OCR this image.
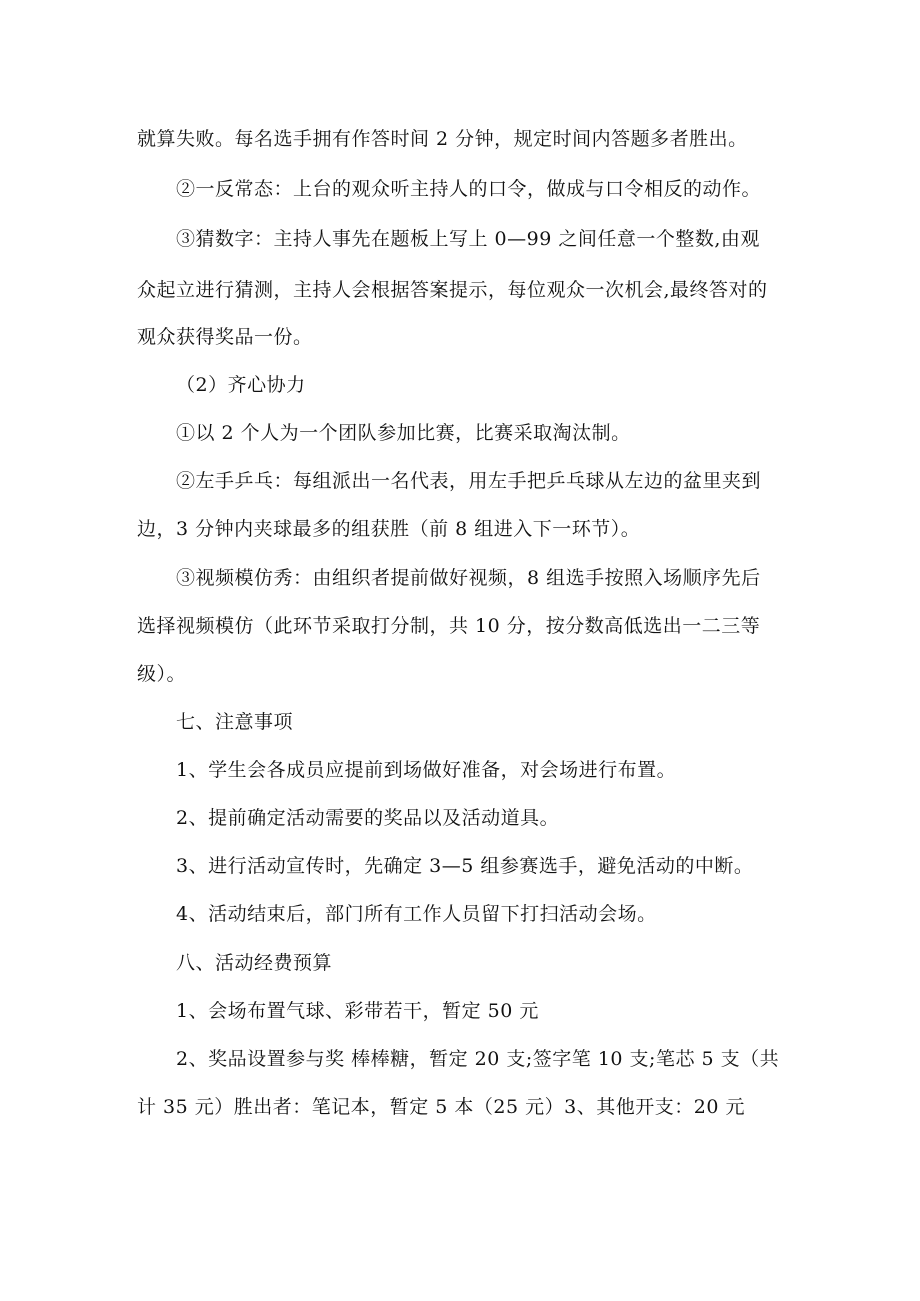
就算失败。每名选手拥有作答时间 2 分钟，规定时间内答题多者胜出。
②一反常态：上台的观众听主持人的口令，做成与口令相反的动作。
③猜数字：主持人事先在题板上写上 0—99 之间任意一个整数,由观
众起立进行猜测，主持人会根据答案提示，每位观众一次机会,最终答对的
观众获得奖品一份。
（2）齐心协力
①以 2 个人为一个团队参加比赛，比赛采取淘汰制。
②左手乒乓：每组派出一名代表，用左手把乒乓球从左边的盆里夹到
边，3 分钟内夹球最多的组获胜（前 8 组进入下一环节）。
③视频模仿秀：由组织者提前做好视频，8 组选手按照入场顺序先后
选择视频模仿（此环节采取打分制，共 10 分，按分数高低选出一二三等
级）。
七、注意事项
1、学生会各成员应提前到场做好准备，对会场进行布置。
2、提前确定活动需要的奖品以及活动道具。
3、进行活动宣传时，先确定 3—5 组参赛选手，避免活动的中断。
4、活动结束后，部门所有工作人员留下打扫活动会场。
八、活动经费预算
1、会场布置气球、彩带若干，暂定 50 元
2、奖品设置参与奖 棒棒糖，暂定 20 支;签字笔 10 支;笔芯 5 支（共
计 35 元）胜出者：笔记本，暂定 5 本（25 元）3、其他开支：20 元
